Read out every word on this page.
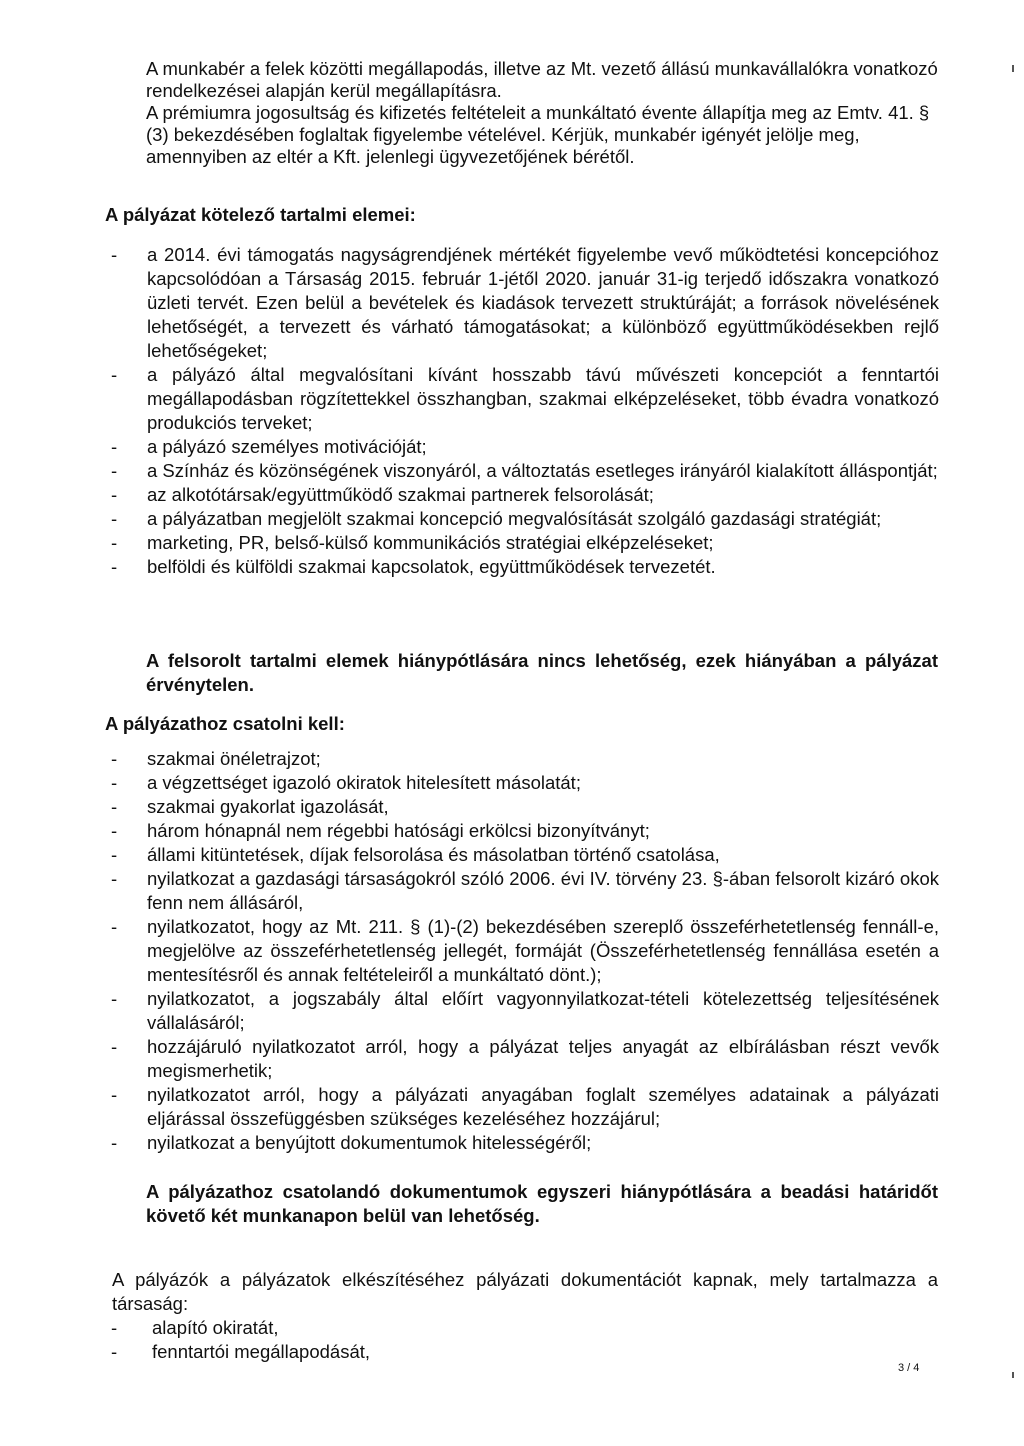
A munkabér a felek közötti megállapodás, illetve az Mt. vezető állású munkavállalókra vonatkozó rendelkezései alapján kerül megállapításra.

A prémiumra jogosultság és kifizetés feltételeit a munkáltató évente állapítja meg az Emtv. 41. § (3) bekezdésében foglaltak figyelembe vételével. Kérjük, munkabér igényét jelölje meg, amennyiben az eltér a Kft. jelenlegi ügyvezetőjének bérétől.

A pályázat kötelező tartalmi elemei:
- a 2014. évi támogatás nagyságrendjének mértékét figyelembe vevő működtetési koncepcióhoz kapcsolódóan a Társaság 2015. február 1-jétől 2020. január 31-ig terjedő időszakra vonatkozó üzleti tervét. Ezen belül a bevételek és kiadások tervezett struktúráját; a források növelésének lehetőségét, a tervezett és várható támogatásokat; a különböző együttműködésekben rejlő lehetőségeket;
- a pályázó által megvalósítani kívánt hosszabb távú művészeti koncepciót a fenntartói megállapodásban rögzítettekkel összhangban, szakmai elképzeléseket, több évadra vonatkozó produkciós terveket;
- a pályázó személyes motivációját;
- a Színház és közönségének viszonyáról, a változtatás esetleges irányáról kialakított álláspontját;
- az alkotótársak/együttműködő szakmai partnerek felsorolását;
- a pályázatban megjelölt szakmai koncepció megvalósítását szolgáló gazdasági stratégiát;
- marketing, PR, belső-külső kommunikációs stratégiai elképzeléseket;
- belföldi és külföldi szakmai kapcsolatok, együttműködések tervezetét.
A felsorolt tartalmi elemek hiánypótlására nincs lehetőség, ezek hiányában a pályázat érvénytelen.
A pályázathoz csatolni kell:
- szakmai önéletrajzot;
- a végzettséget igazoló okiratok hitelesített másolatát;
- szakmai gyakorlat igazolását,
- három hónapnál nem régebbi hatósági erkölcsi bizonyítványt;
- állami kitüntetések, díjak felsorolása és másolatban történő csatolása,
- nyilatkozat a gazdasági társaságokról szóló 2006. évi IV. törvény 23. §-ában felsorolt kizáró okok fenn nem állásáról,
- nyilatkozatot, hogy az Mt. 211. § (1)-(2) bekezdésében szereplő összeférhetetlenség fennáll-e, megjelölve az összeférhetetlenség jellegét, formáját (Összeférhetetlenség fennállása esetén a mentesítésről és annak feltételeiről a munkáltató dönt.);
- nyilatkozatot, a jogszabály által előírt vagyonnyilatkozat-tételi kötelezettség teljesítésének vállalásáról;
- hozzájáruló nyilatkozatot arról, hogy a pályázat teljes anyagát az elbírálásban részt vevők megismerhetik;
- nyilatkozatot arról, hogy a pályázati anyagában foglalt személyes adatainak a pályázati eljárással összefüggésben szükséges kezeléséhez hozzájárul;
- nyilatkozat a benyújtott dokumentumok hitelességéről;
A pályázathoz csatolandó dokumentumok egyszeri hiánypótlására a beadási határidőt követő két munkanapon belül van lehetőség.
A pályázók a pályázatok elkészítéséhez pályázati dokumentációt kapnak, mely tartalmazza a társaság:
- alapító okiratát,
- fenntartói megállapodását,
3 / 4
